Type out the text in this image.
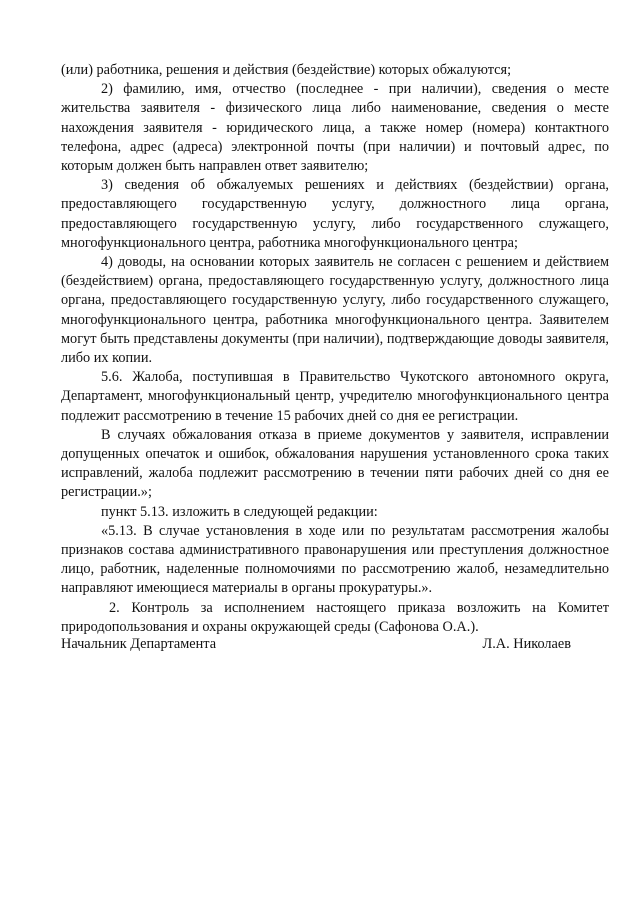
(или) работника, решения и действия (бездействие) которых обжалуются;

2) фамилию, имя, отчество (последнее - при наличии), сведения о месте жительства заявителя - физического лица либо наименование, сведения о месте нахождения заявителя - юридического лица, а также номер (номера) контактного телефона, адрес (адреса) электронной почты (при наличии) и почтовый адрес, по которым должен быть направлен ответ заявителю;

3) сведения об обжалуемых решениях и действиях (бездействии) органа, предоставляющего государственную услугу, должностного лица органа, предоставляющего государственную услугу, либо государственного служащего, многофункционального центра, работника многофункционального центра;

4) доводы, на основании которых заявитель не согласен с решением и действием (бездействием) органа, предоставляющего государственную услугу, должностного лица органа, предоставляющего государственную услугу, либо государственного служащего, многофункционального центра, работника многофункционального центра. Заявителем могут быть представлены документы (при наличии), подтверждающие доводы заявителя, либо их копии.

5.6. Жалоба, поступившая в Правительство Чукотского автономного округа, Департамент, многофункциональный центр, учредителю многофункционального центра подлежит рассмотрению в течение 15 рабочих дней со дня ее регистрации.

В случаях обжалования отказа в приеме документов у заявителя, исправлении допущенных опечаток и ошибок, обжалования нарушения установленного срока таких исправлений, жалоба подлежит рассмотрению в течении пяти рабочих дней со дня ее регистрации.»;

пункт 5.13. изложить в следующей редакции:

«5.13. В случае установления в ходе или по результатам рассмотрения жалобы признаков состава административного правонарушения или преступления должностное лицо, работник, наделенные полномочиями по рассмотрению жалоб, незамедлительно направляют имеющиеся материалы в органы прокуратуры.».

2. Контроль за исполнением настоящего приказа возложить на Комитет природопользования и охраны окружающей среды (Сафонова О.А.).

Начальник Департамента	Л.А. Николаев
